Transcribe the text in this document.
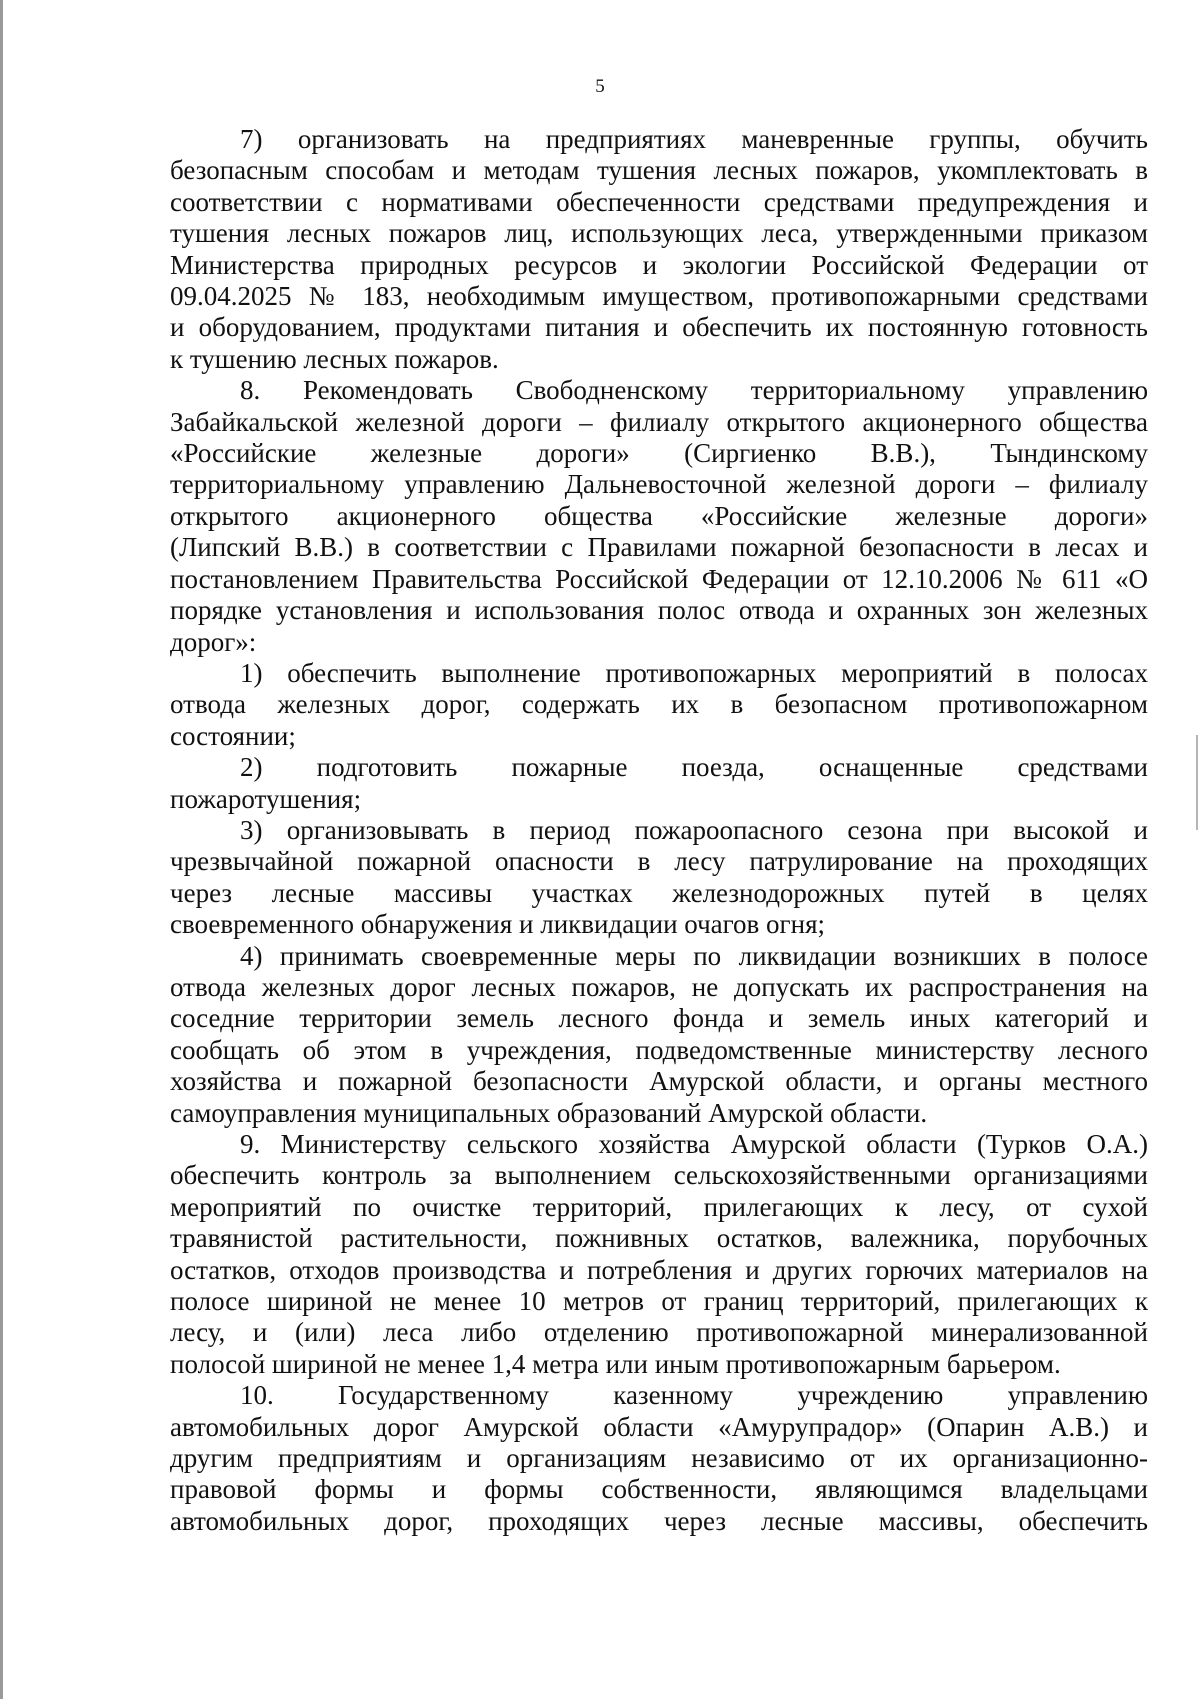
5

7) организовать на предприятиях маневренные группы, обучить
безопасным способам и методам тушения лесных пожаров, укомплектовать в
соответствии с нормативами обеспеченности средствами предупреждения и
тушения лесных пожаров лиц, использующих леса, утвержденными приказом
Министерства природных ресурсов и экологии Российской Федерации от
09.04.2025 № 183, необходимым имуществом, противопожарными средствами
и оборудованием, продуктами питания и обеспечить их постоянную готовность
к тушению лесных пожаров.

8. Рекомендовать Свободненскому территориальному управлению
Забайкальской железной дороги – филиалу открытого акционерного общества
«Российские железные дороги» (Сиргиенко В.В.), Тындинскому
территориальному управлению Дальневосточной железной дороги – филиалу
открытого акционерного общества «Российские железные дороги»
(Липский В.В.) в соответствии с Правилами пожарной безопасности в лесах и
постановлением Правительства Российской Федерации от 12.10.2006 № 611 «О
порядке установления и использования полос отвода и охранных зон железных
дорог»:

1) обеспечить выполнение противопожарных мероприятий в полосах
отвода железных дорог, содержать их в безопасном противопожарном
состоянии;

2) подготовить пожарные поезда, оснащенные средствами
пожаротушения;

3) организовывать в период пожароопасного сезона при высокой и
чрезвычайной пожарной опасности в лесу патрулирование на проходящих
через лесные массивы участках железнодорожных путей в целях
своевременного обнаружения и ликвидации очагов огня;

4) принимать своевременные меры по ликвидации возникших в полосе
отвода железных дорог лесных пожаров, не допускать их распространения на
соседние территории земель лесного фонда и земель иных категорий и
сообщать об этом в учреждения, подведомственные министерству лесного
хозяйства и пожарной безопасности Амурской области, и органы местного
самоуправления муниципальных образований Амурской области.

9. Министерству сельского хозяйства Амурской области (Турков О.А.)
обеспечить контроль за выполнением сельскохозяйственными организациями
мероприятий по очистке территорий, прилегающих к лесу, от сухой
травянистой растительности, пожнивных остатков, валежника, порубочных
остатков, отходов производства и потребления и других горючих материалов на
полосе шириной не менее 10 метров от границ территорий, прилегающих к
лесу, и (или) леса либо отделению противопожарной минерализованной
полосой шириной не менее 1,4 метра или иным противопожарным барьером.

10. Государственному казенному учреждению управлению
автомобильных дорог Амурской области «Амурупрадор» (Опарин А.В.) и
другим предприятиям и организациям независимо от их организационно-
правовой формы и формы собственности, являющимся владельцами
автомобильных дорог, проходящих через лесные массивы, обеспечить
